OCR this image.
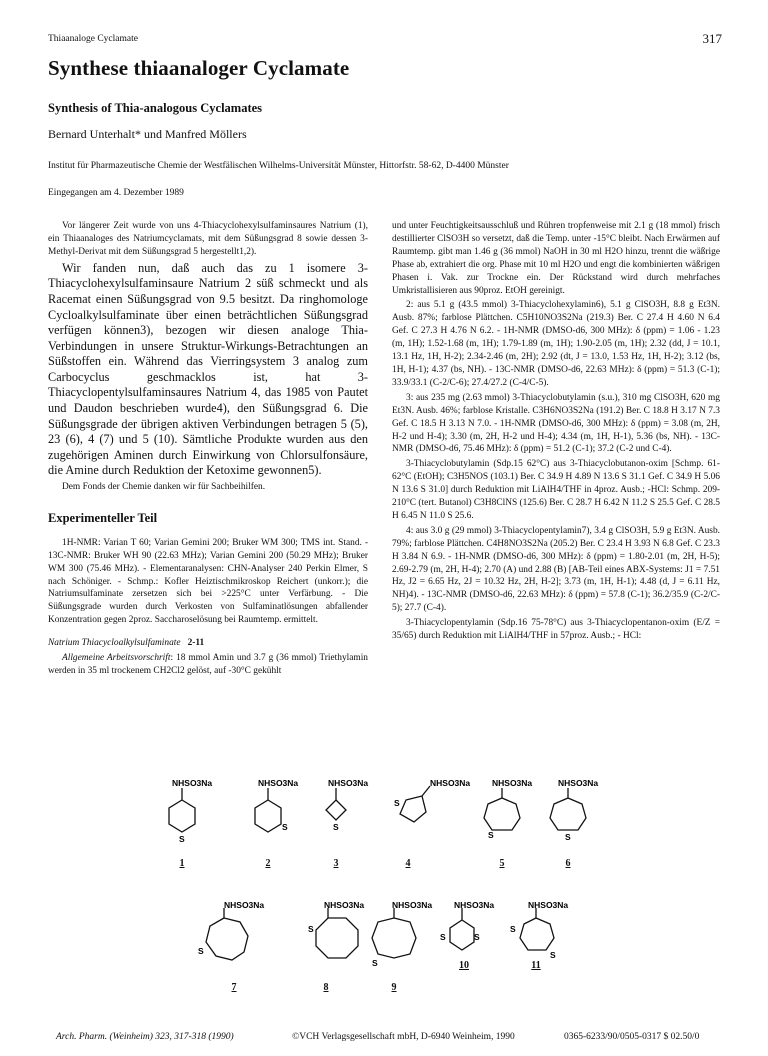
Thiaanaloge Cyclamate	317
Synthese thiaanaloger Cyclamate
Synthesis of Thia-analogous Cyclamates
Bernard Unterhalt* und Manfred Möllers
Institut für Pharmazeutische Chemie der Westfälischen Wilhelms-Universität Münster, Hittorfstr. 58-62, D-4400 Münster
Eingegangen am 4. Dezember 1989

Vor längerer Zeit wurde von uns 4-Thiacyclohexylsulfaminsaures Natrium (1), ein Thiaanaloges des Natriumcyclamats, mit dem Süßungsgrad 8 sowie dessen 3-Methyl-Derivat mit dem Süßungsgrad 5 hergestellt1,2).

Wir fanden nun, daß auch das zu 1 isomere 3-Thiacyclohexylsulfaminsaure Natrium 2 süß schmeckt und als Racemat einen Süßungsgrad von 9.5 besitzt. Da ringhomologe Cycloalkylsulfaminate über einen beträchtlichen Süßungsgrad verfügen können3), bezogen wir diesen analoge Thia-Verbindungen in unsere Struktur-Wirkungs-Betrachtungen an Süßstoffen ein. Während das Vierringsystem 3 analog zum Carbocyclus geschmacklos ist, hat 3-Thiacyclopentylsulfaminsaures Natrium 4, das 1985 von Pautet und Daudon beschrieben wurde4), den Süßungsgrad 6. Die Süßungsgrade der übrigen aktiven Verbindungen betragen 5 (5), 23 (6), 4 (7) und 5 (10). Sämtliche Produkte wurden aus den zugehörigen Aminen durch Einwirkung von Chlorsulfonsäure, die Amine durch Reduktion der Ketoxime gewonnen5).

Dem Fonds der Chemie danken wir für Sachbeihilfen.

Experimenteller Teil

1H-NMR: Varian T 60; Varian Gemini 200; Bruker WM 300; TMS int. Stand. - 13C-NMR: Bruker WH 90 (22.63 MHz); Varian Gemini 200 (50.29 MHz); Bruker WM 300 (75.46 MHz). - Elementaranalysen: CHN-Analyser 240 Perkin Elmer, S nach Schöniger. - Schmp.: Kofler Heiztischmikroskop Reichert (unkorr.); die Natriumsulfaminate zersetzen sich bei >225°C unter Verfärbung. - Die Süßungsgrade wurden durch Verkosten von Sulfaminatlösungen abfallender Konzentration gegen 2proz. Saccharoselösung bei Raumtemp. ermittelt.

Natrium Thiacycloalkylsulfaminate 2-11

Allgemeine Arbeitsvorschrift: 18 mmol Amin und 3.7 g (36 mmol) Triethylamin werden in 35 ml trockenem CH2Cl2 gelöst, auf -30°C gekühlt

und unter Feuchtigkeitsausschluß und Rühren tropfenweise mit 2.1 g (18 mmol) frisch destillierter ClSO3H so versetzt, daß die Temp. unter -15°C bleibt. Nach Erwärmen auf Raumtemp. gibt man 1.46 g (36 mmol) NaOH in 30 ml H2O hinzu, trennt die wäßrige Phase ab, extrahiert die org. Phase mit 10 ml H2O und engt die kombinierten wäßrigen Phasen i. Vak. zur Trockne ein. Der Rückstand wird durch mehrfaches Umkristallisieren aus 90proz. EtOH gereinigt.

2: aus 5.1 g (43.5 mmol) 3-Thiacyclohexylamin6), 5.1 g ClSO3H, 8.8 g Et3N. Ausb. 87%; farblose Plättchen. C5H10NO3S2Na (219.3) Ber. C 27.4 H 4.60 N 6.4 Gef. C 27.3 H 4.76 N 6.2. - 1H-NMR (DMSO-d6, 300 MHz): δ (ppm) = 1.06 - 1.23 (m, 1H); 1.52-1.68 (m, 1H); 1.79-1.89 (m, 1H); 1.90-2.05 (m, 1H); 2.32 (dd, J = 10.1, 13.1 Hz, 1H, H-2); 2.34-2.46 (m, 2H); 2.92 (dt, J = 13.0, 1.53 Hz, 1H, H-2); 3.12 (bs, 1H, H-1); 4.37 (bs, NH). - 13C-NMR (DMSO-d6, 22.63 MHz): δ (ppm) = 51.3 (C-1); 33.9/33.1 (C-2/C-6); 27.4/27.2 (C-4/C-5).

3: aus 235 mg (2.63 mmol) 3-Thiacyclobutylamin (s.u.), 310 mg ClSO3H, 620 mg Et3N. Ausb. 46%; farblose Kristalle. C3H6NO3S2Na (191.2) Ber. C 18.8 H 3.17 N 7.3 Gef. C 18.5 H 3.13 N 7.0. - 1H-NMR (DMSO-d6, 300 MHz): δ (ppm) = 3.08 (m, 2H, H-2 und H-4); 3.30 (m, 2H, H-2 und H-4); 4.34 (m, 1H, H-1), 5.36 (bs, NH). - 13C-NMR (DMSO-d6, 75.46 MHz): δ (ppm) = 51.2 (C-1); 37.2 (C-2 und C-4).

3-Thiacyclobutylamin (Sdp.15 62°C) aus 3-Thiacyclobutanon-oxim [Schmp. 61-62°C (EtOH); C3H5NOS (103.1) Ber. C 34.9 H 4.89 N 13.6 S 31.1 Gef. C 34.9 H 5.06 N 13.6 S 31.0] durch Reduktion mit LiAlH4/THF in 4proz. Ausb.; -HCl: Schmp. 209-210°C (tert. Butanol) C3H8ClNS (125.6) Ber. C 28.7 H 6.42 N 11.2 S 25.5 Gef. C 28.5 H 6.45 N 11.0 S 25.6.

4: aus 3.0 g (29 mmol) 3-Thiacyclopentylamin7), 3.4 g ClSO3H, 5.9 g Et3N. Ausb. 79%; farblose Plättchen. C4H8NO3S2Na (205.2) Ber. C 23.4 H 3.93 N 6.8 Gef. C 23.3 H 3.84 N 6.9. - 1H-NMR (DMSO-d6, 300 MHz): δ (ppm) = 1.80-2.01 (m, 2H, H-5); 2.69-2.79 (m, 2H, H-4); 2.70 (A) und 2.88 (B) [AB-Teil eines ABX-Systems: J1 = 7.51 Hz, J2 = 6.65 Hz, 2J = 10.32 Hz, 2H, H-2]; 3.73 (m, 1H, H-1); 4.48 (d, J = 6.11 Hz, NH)4). - 13C-NMR (DMSO-d6, 22.63 MHz): δ (ppm) = 57.8 (C-1); 36.2/35.9 (C-2/C-5); 27.7 (C-4).

3-Thiacyclopentylamin (Sdp.16 75-78°C) aus 3-Thiacyclopentanon-oxim (E/Z = 35/65) durch Reduktion mit LiAlH4/THF in 57proz. Ausb.; - HCl:

NHSO3Na
S
1
NHSO3Na
S
2
NHSO3Na
S
3
NHSO3Na
S
4
NHSO3Na
S
5
NHSO3Na
S
6
NHSO3Na
S
7
NHSO3Na
S
8
NHSO3Na
S
9
NHSO3Na
S	S
10
NHSO3Na
S
S
11
Arch. Pharm. (Weinheim) 323, 317-318 (1990)	©VCH Verlagsgesellschaft mbH, D-6940 Weinheim, 1990	0365-6233/90/0505-0317 $ 02.50/0
